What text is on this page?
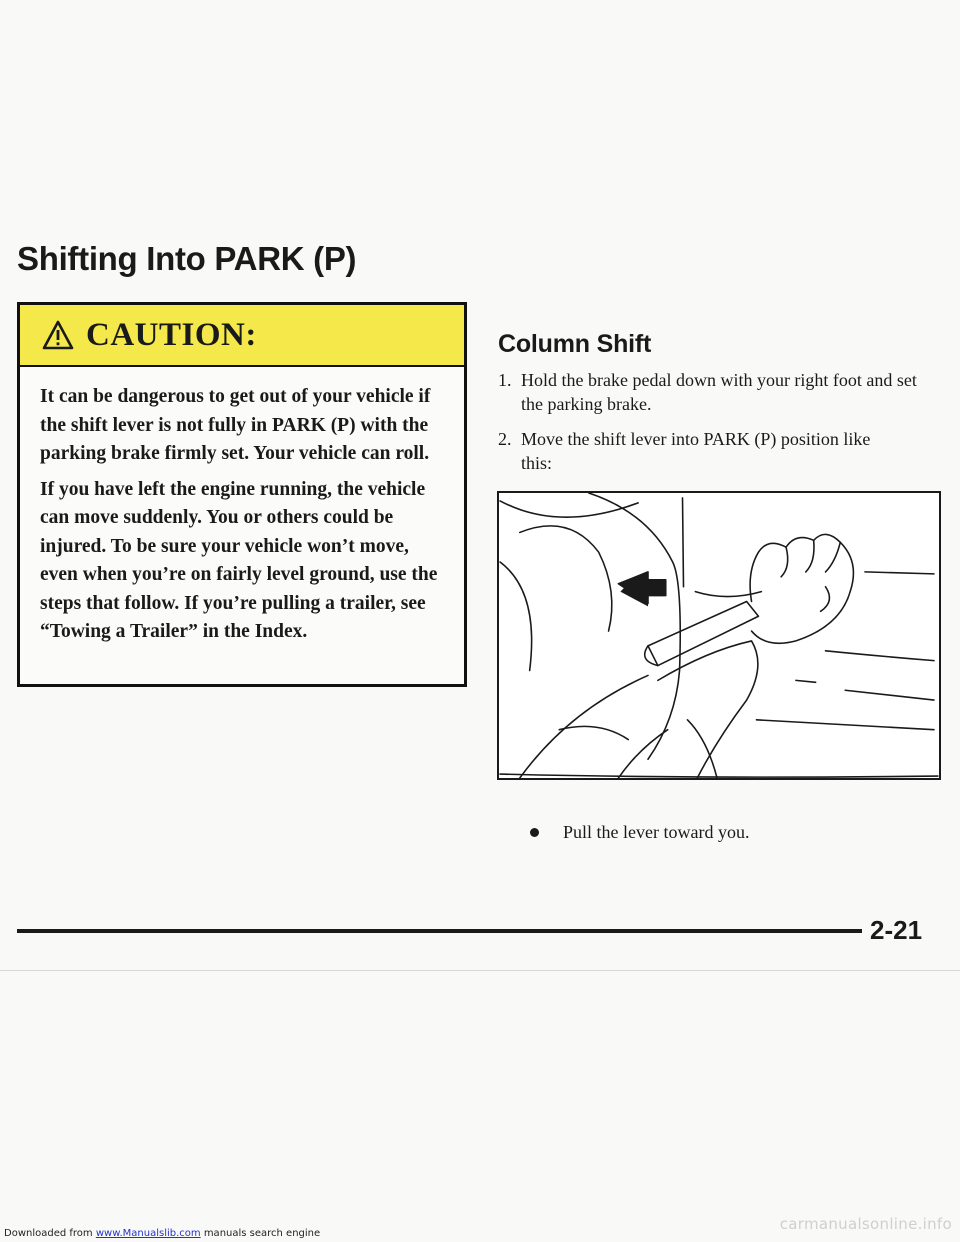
Downloaded from www.Manualslib.com manuals search engine
Shifting Into PARK (P)
CAUTION:

It can be dangerous to get out of your vehicle if the shift lever is not fully in PARK (P) with the parking brake firmly set. Your vehicle can roll.

If you have left the engine running, the vehicle can move suddenly. You or others could be injured. To be sure your vehicle won’t move, even when you’re on fairly level ground, use the steps that follow. If you’re pulling a trailer, see “Towing a Trailer” in the Index.

Column Shift
1. Hold the brake pedal down with your right foot and set the parking brake.
2. Move the shift lever into PARK (P) position like this:
Pull the lever toward you.
2-21
carmanualsonline.info
